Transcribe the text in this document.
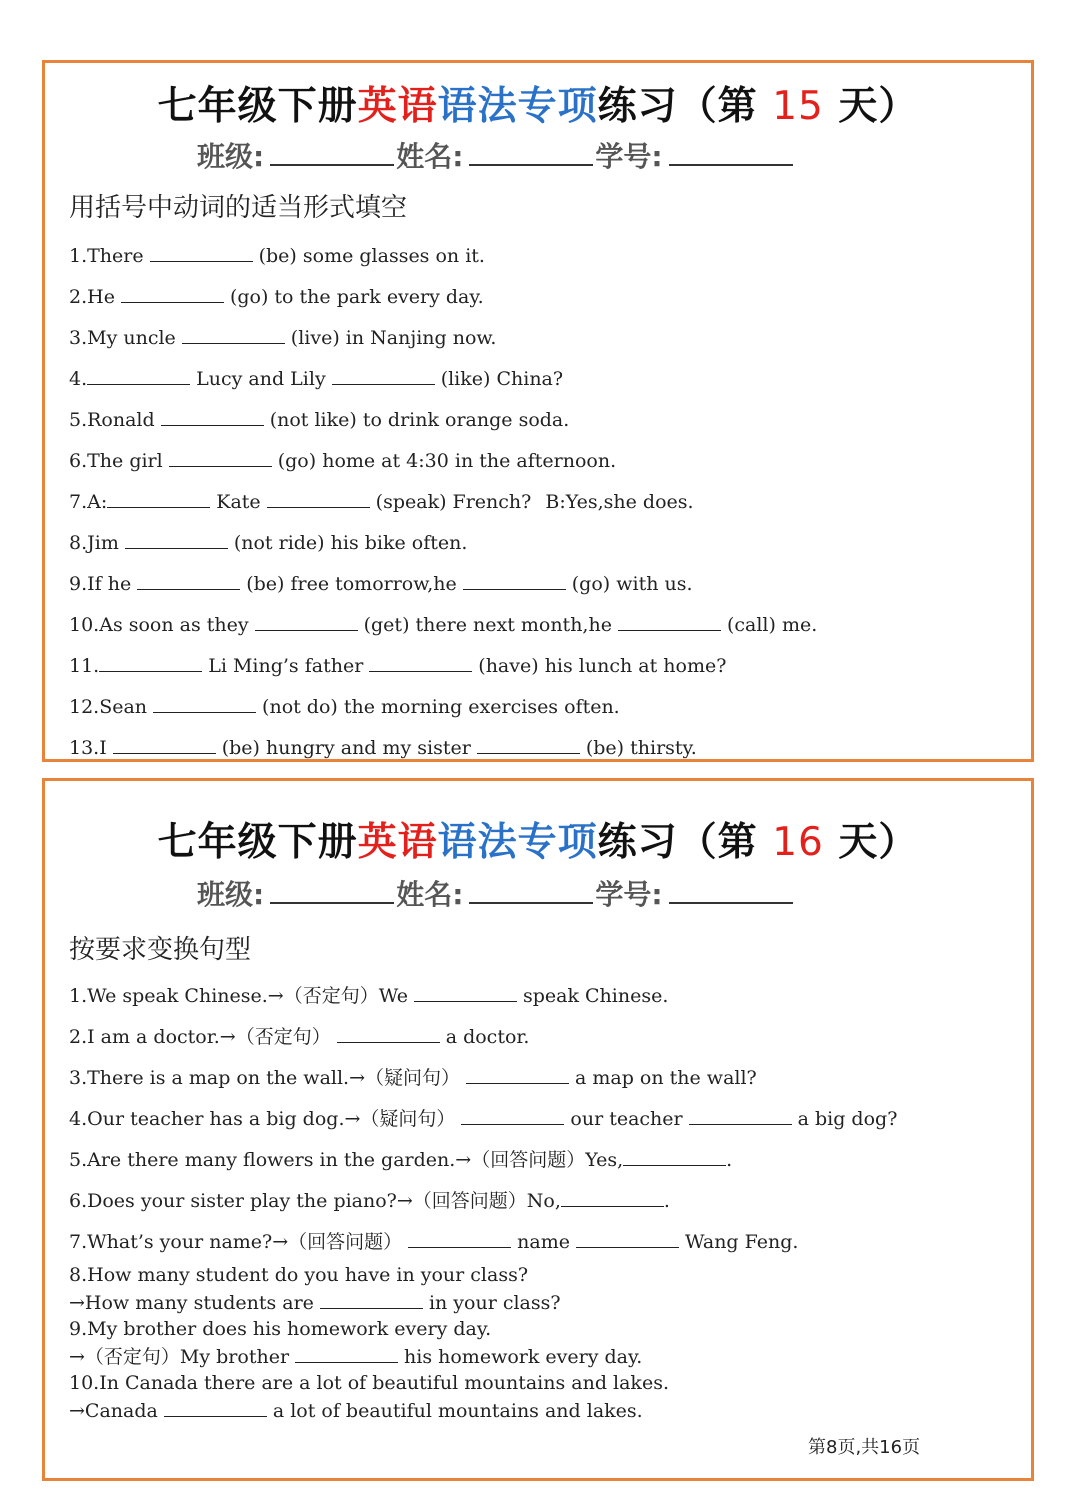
七年级下册英语语法专项练习（第 15 天）
班级:	姓名:	学号:
用括号中动词的适当形式填空
1.There	(be) some glasses on it.
2.He	(go) to the park every day.
3.My uncle	(live) in Nanjing now.
4.	Lucy and Lily	(like) China?
5.Ronald	(not like) to drink orange soda.
6.The girl	(go) home at 4:30 in the afternoon.
7.A:	Kate	(speak) French? B:Yes,she does.
8.Jim	(not ride) his bike often.
9.If he	(be) free tomorrow,he	(go) with us.
10.As soon as they	(get) there next month,he	(call) me.
11.	Li Ming’s father	(have) his lunch at home?
12.Sean	(not do) the morning exercises often.
13.I	(be) hungry and my sister	(be) thirsty.
七年级下册英语语法专项练习（第 16 天）
班级:	姓名:	学号:
按要求变换句型
1.We speak Chinese.→（否定句）We	speak Chinese.
2.I am a doctor.→（否定句）	a doctor.
3.There is a map on the wall.→（疑问句）	a map on the wall?
4.Our teacher has a big dog.→（疑问句）	our teacher	a big dog?
5.Are there many flowers in the garden.→（回答问题）Yes,	.
6.Does your sister play the piano?→（回答问题）No,	.
7.What’s your name?→（回答问题）	name	Wang Feng.
8.How many student do you have in your class?
→How many students are	in your class?
9.My brother does his homework every day.
→（否定句）My brother	his homework every day.
10.In Canada there are a lot of beautiful mountains and lakes.
→Canada	a lot of beautiful mountains and lakes.
第8页,共16页
